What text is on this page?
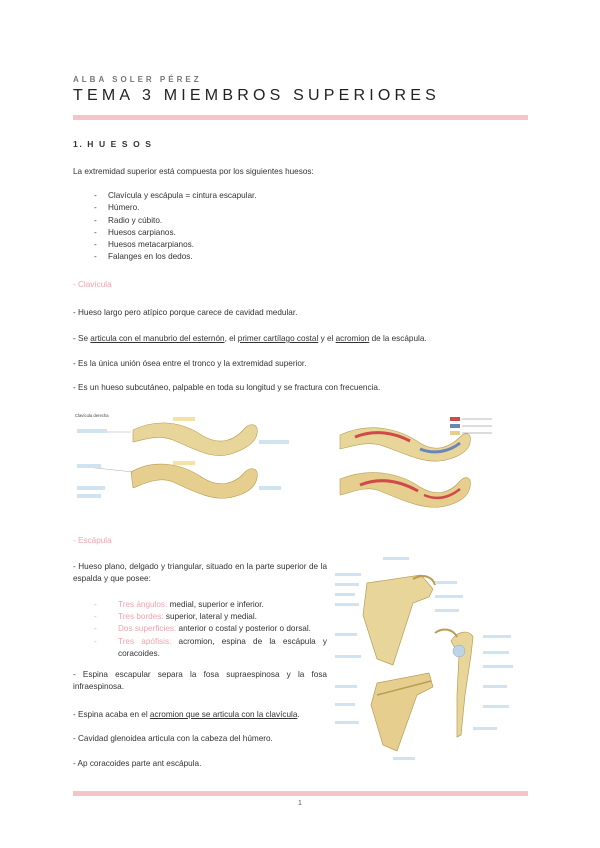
ALBA SOLER PÉREZ
TEMA 3 MIEMBROS SUPERIORES
1. H U E S O S
La extremidad superior está compuesta por los siguientes huesos:
- Clavícula y escápula = cintura escapular.
- Húmero.
- Radio y cúbito.
- Huesos carpianos.
- Huesos metacarpianos.
- Falanges en los dedos.
- Clavícula
- Hueso largo pero atípico porque carece de cavidad medular.
- Se articula con el manubrio del esternón, el primer cartílago costal y el acromion de la escápula.
- Es la única unión ósea entre el tronco y la extremidad superior.
- Es un hueso subcutáneo, palpable en toda su longitud y se fractura con frecuencia.
Clavícula derecha
- Escápula
- Hueso plano, delgado y triangular, situado en la parte superior de la espalda y que posee:
- Tres ángulos: medial, superior e inferior.
- Tres bordes: superior, lateral y medial.
- Dos superficies: anterior o costal y posterior o dorsal.
- Tres apófisis: acromion, espina de la escápula y coracoides.
- Espina escapular separa la fosa supraespinosa y la fosa infraespinosa.
- Espina acaba en el acromion que se articula con la clavícula.
- Cavidad glenoidea articula con la cabeza del húmero.
- Ap coracoides parte ant escápula.
1
